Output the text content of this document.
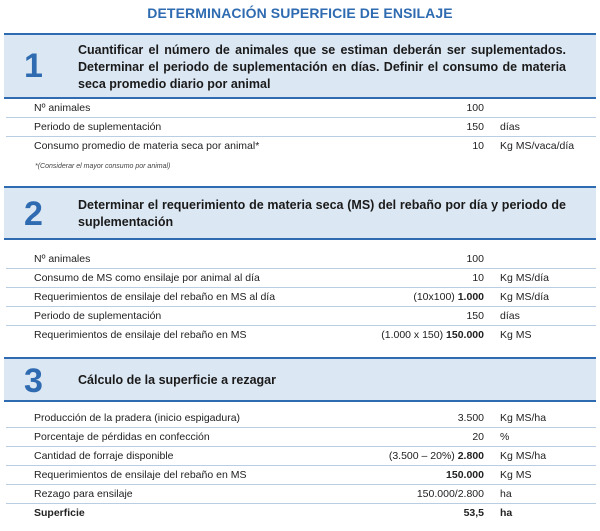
DETERMINACIÓN SUPERFICIE DE ENSILAJE
1	Cuantificar el número de animales que se estiman deberán ser suplementados. Determinar el periodo de suplementación en días. Definir el consumo de materia seca promedio diario por animal
Nº animales	100
Periodo de suplementación	150 días
Consumo promedio de materia seca por animal*	10 Kg MS/vaca/día
*(Considerar el mayor consumo por animal)
2	Determinar el requerimiento de materia seca (MS) del rebaño por día y periodo de suplementación
Nº animales	100
Consumo de MS como ensilaje por animal al día	10 Kg MS/día
Requerimientos de ensilaje del rebaño en MS al día	(10x100) 1.000 Kg MS/día
Periodo de suplementación	150 días
Requerimientos de ensilaje del rebaño en MS	(1.000 x 150) 150.000 Kg MS
3	Cálculo de la superficie a rezagar
Producción de la pradera (inicio espigadura)	3.500 Kg MS/ha
Porcentaje de pérdidas en confección	20 %
Cantidad de forraje disponible	(3.500 – 20%) 2.800 Kg MS/ha
Requerimientos de ensilaje del rebaño en MS	150.000 Kg MS
Rezago para ensilaje	150.000/2.800 ha
Superficie	53,5 ha
